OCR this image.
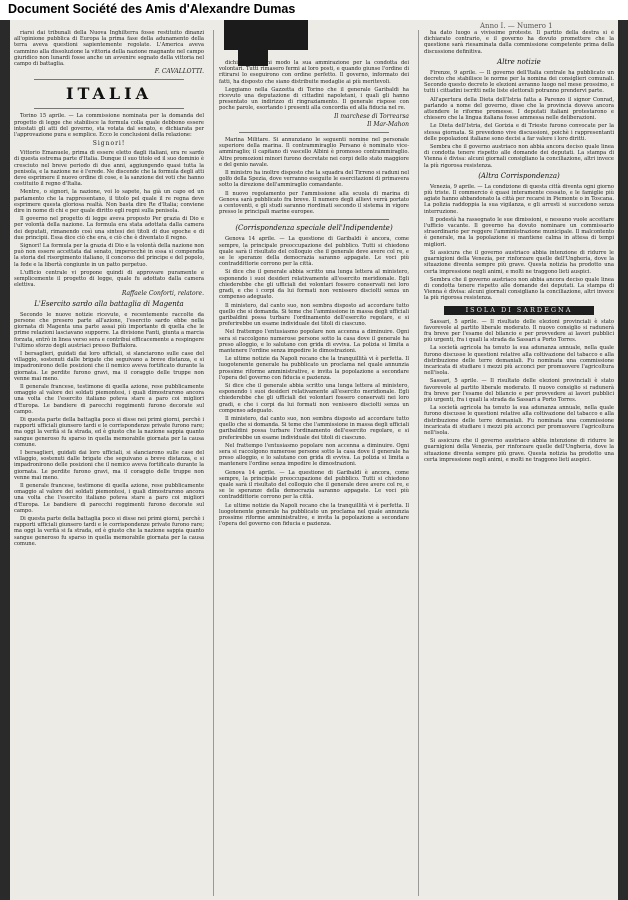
Document Société des Amis d'Alexandre Dumas
Anno I. — Numero 1

riarsi dai tribunali della Nuova Inghilterra fosse restituito dinanzi all'opinione pubblica di Europa la prima fase della adunamento della terra aveva questioni sapientemente regolate. L'America aveva cammino alla dissoluzione la vittoria della nazione magnante nel campo giuridico non lunardi fosse anche un avvenire segnato della vittoria nel campo di battaglia.

F. CAVALLOTTI.
ITALIA

Torino 15 aprile. — La commissione nominata per la domanda del progetto di legge che stabilisce la formula colla quale debbono essere intestati gli atti del governo, sta votata dal senato, e dichiarata per l'approvazione pura e semplice. Ecco le conclusioni della relazione:

Signori!

Vittorio Emanuele, prima di essere eletto dagli italiani, era re sardo di questa estrema parte d'Italia. Dunque il suo titolo ed il suo dominio è cresciuto nel breve periodo di due anni, aggiungendo quasi tutta la penisola, e la nazione ne è l'erede. Ne discende che la formula degli atti deve esprimere il nuovo ordine di cose, e la sanzione dei voti che hanno costituito il regno d'Italia.

Mentre, o signori, la nazione, voi lo sapete, ha già un capo ed un parlamento che la rappresentano, il titolo pel quale il re regna deve esprimere questa gloriosa realtà. Non basta dire Re d'Italia; conviene dire in nome di chi e per quale diritto egli regni sulla penisola.

Il governo nel progetto di legge aveva proposto Per grazia di Dio e per volontà della nazione. La formula era stata adottata dalla camera dei deputati, rimanendo così una sintesi dei titoli di due epoche e di due principii. Essa dice ciò che era, e ciò che è diventato il regno.

Signori! La formula per la grazia di Dio e la volontà della nazione non può non essere accettata dal senato, imperocchè in essa si compendia la storia del risorgimento italiano, il concorso del principe e del popolo, la fede e la libertà congiunte in un patto perpetuo.

L'ufficio centrale vi propone quindi di approvare puramente e semplicemente il progetto di legge, quale fu adottato dalla camera elettiva.

Raffaele Conforti, relatore.
L'Esercito sardo alla battaglia di Magenta

Secondo le nuove notizie ricevute, e recentemente raccolte da persone che presero parte all'azione, l'esercito sardo ebbe nella giornata di Magenta una parte assai più importante di quella che le prime relazioni lasciavano supporre. La divisione Fanti, giunta a marcia forzata, entrò in linea verso sera e contribuì efficacemente a respingere l'ultimo sforzo degli austriaci presso Buffalora.

I bersaglieri, guidati dai loro ufficiali, si slanciarono sulle case del villaggio, sostenuti dalle brigate che seguivano a breve distanza, e si impadronirono delle posizioni che il nemico aveva fortificato durante la giornata. Le perdite furono gravi, ma il coraggio delle truppe non venne mai meno.

Il generale francese, testimone di quella azione, rese pubblicamente omaggio al valore dei soldati piemontesi, i quali dimostrarono ancora una volta che l'esercito italiano poteva stare a paro coi migliori d'Europa. Le bandiere di parecchi reggimenti furono decorate sul campo.

Di questa parte della battaglia poco si disse nei primi giorni, perchè i rapporti ufficiali giunsero tardi e le corrispondenze private furono rare; ma oggi la verità si fa strada, ed è giusto che la nazione sappia quanto sangue generoso fu sparso in quella memorabile giornata per la causa comune.

I bersaglieri, guidati dai loro ufficiali, si slanciarono sulle case del villaggio, sostenuti dalle brigate che seguivano a breve distanza, e si impadronirono delle posizioni che il nemico aveva fortificato durante la giornata. Le perdite furono gravi, ma il coraggio delle truppe non venne mai meno.

Il generale francese, testimone di quella azione, rese pubblicamente omaggio al valore dei soldati piemontesi, i quali dimostrarono ancora una volta che l'esercito italiano poteva stare a paro coi migliori d'Europa. Le bandiere di parecchi reggimenti furono decorate sul campo.

Di questa parte della battaglia poco si disse nei primi giorni, perchè i rapporti ufficiali giunsero tardi e le corrispondenze private furono rare; ma oggi la verità si fa strada, ed è giusto che la nazione sappia quanto sangue generoso fu sparso in quella memorabile giornata per la causa comune.

dichiarò ad ogni modo la sua ammirazione per la condotta dei volontari. Tutti rimasero fermi ai loro posti, e quando giunse l'ordine di ritirarsi lo eseguirono con ordine perfetto. Il governo, informato dei fatti, ha disposto che siano distribuite medaglie ai più meritevoli.

Leggiamo nella Gazzetta di Torino che il generale Garibaldi ha ricevuto una deputazione di cittadini napoletani, i quali gli hanno presentato un indirizzo di ringraziamento. Il generale rispose con poche parole, esortando i presenti alla concordia ed alla fiducia nel re.

Il marchese di Torrearsa
Il Mar-Mahon

Marina Militare. Si annunziano le seguenti nomine nel personale superiore della marina. Il contrammiraglio Persano è nominato vice-ammiraglio; il capitano di vascello Albini è promosso contrammiraglio. Altre promozioni minori furono decretate nei corpi dello stato maggiore e del genio navale.

Il ministro ha inoltre disposto che la squadra del Tirreno si raduni nel golfo della Spezia, dove verranno eseguite le esercitazioni di primavera sotto la direzione dell'ammiraglio comandante.

Il nuovo regolamento per l'ammissione alla scuola di marina di Genova sarà pubblicato fra breve. Il numero degli allievi verrà portato a centoventi, e gli studi saranno riordinati secondo il sistema in vigore presso le principali marine europee.

(Corrispondenza speciale dell'Indipendente)

Genova 14 aprile. — La questione di Garibaldi è ancora, come sempre, la principale preoccupazione del pubblico. Tutti si chiedono quale sarà il risultato del colloquio che il generale deve avere col re, e se le speranze della democrazia saranno appagate. Le voci più contraddittorie corrono per la città.

Si dice che il generale abbia scritto una lunga lettera al ministero, esponendo i suoi desideri relativamente all'esercito meridionale. Egli chiederebbe che gli ufficiali dei volontari fossero conservati nei loro gradi, e che i corpi da lui formati non venissero disciolti senza un compenso adeguato.

Il ministero, dal canto suo, non sembra disposto ad accordare tutto quello che si domanda. Si teme che l'ammissione in massa degli ufficiali garibaldini possa turbare l'ordinamento dell'esercito regolare, e si preferirebbe un esame individuale dei titoli di ciascuno.

Nel frattempo l'entusiasmo popolare non accenna a diminuire. Ogni sera si raccolgono numerose persone sotto la casa dove il generale ha preso alloggio, e lo salutano con grida di evviva. La polizia si limita a mantenere l'ordine senza impedire le dimostrazioni.

Le ultime notizie da Napoli recano che la tranquillità vi è perfetta. Il luogotenente generale ha pubblicato un proclama nel quale annunzia prossime riforme amministrative, e invita la popolazione a secondare l'opera del governo con fiducia e pazienza.

Si dice che il generale abbia scritto una lunga lettera al ministero, esponendo i suoi desideri relativamente all'esercito meridionale. Egli chiederebbe che gli ufficiali dei volontari fossero conservati nei loro gradi, e che i corpi da lui formati non venissero disciolti senza un compenso adeguato.

Il ministero, dal canto suo, non sembra disposto ad accordare tutto quello che si domanda. Si teme che l'ammissione in massa degli ufficiali garibaldini possa turbare l'ordinamento dell'esercito regolare, e si preferirebbe un esame individuale dei titoli di ciascuno.

Nel frattempo l'entusiasmo popolare non accenna a diminuire. Ogni sera si raccolgono numerose persone sotto la casa dove il generale ha preso alloggio, e lo salutano con grida di evviva. La polizia si limita a mantenere l'ordine senza impedire le dimostrazioni.

Genova 14 aprile. — La questione di Garibaldi è ancora, come sempre, la principale preoccupazione del pubblico. Tutti si chiedono quale sarà il risultato del colloquio che il generale deve avere col re, e se le speranze della democrazia saranno appagate. Le voci più contraddittorie corrono per la città.

Le ultime notizie da Napoli recano che la tranquillità vi è perfetta. Il luogotenente generale ha pubblicato un proclama nel quale annunzia prossime riforme amministrative, e invita la popolazione a secondare l'opera del governo con fiducia e pazienza.

ha dato luogo a vivissime proteste. Il partito della destra si è dichiarato contrario, e il governo ha dovuto promettere che la questione sarà riesaminata dalla commissione competente prima della discussione definitiva.

Altre notizie

Firenze, 9 aprile. — Il governo dell'Italia centrale ha pubblicato un decreto che stabilisce le norme per la nomina dei consiglieri comunali. Secondo questo decreto le elezioni avranno luogo nel mese prossimo, e tutti i cittadini iscritti nelle liste elettorali potranno prendervi parte.

All'apertura della Dieta dell'Istria fatta a Parenzo il signor Conrad, parlando a nome del governo, disse che la provincia doveva ancora attendere le riforme promesse. I deputati italiani protestarono e chiesero che la lingua italiana fosse ammessa nelle deliberazioni.

Le Dieta dell'Istria, del Gorizia e di Trieste furono convocate per la stessa giornata. Si prevedono vive discussioni, poichè i rappresentanti delle popolazioni italiane sono decisi a far valere i loro diritti.

Sembra che il governo austriaco non abbia ancora deciso quale linea di condotta tenere rispetto alle domande dei deputati. La stampa di Vienna è divisa: alcuni giornali consigliano la conciliazione, altri invece la più rigorosa resistenza.

(Altra Corrispondenza)

Venezia, 9 aprile. — La condizione di questa città diventa ogni giorno più triste. Il commercio è quasi interamente cessato, e le famiglie più agiate hanno abbandonato la città per recarsi in Piemonte o in Toscana. La polizia raddoppia la sua vigilanza, e gli arresti si succedono senza interruzione.

Il podestà ha rassegnato le sue dimissioni, e nessuno vuole accettare l'ufficio vacante. Il governo ha dovuto nominare un commissario straordinario per reggere l'amministrazione municipale. Il malcontento è generale, ma la popolazione si mantiene calma in attesa di tempi migliori.

Si assicura che il governo austriaco abbia intenzione di ridurre le guarnigioni della Venezia, per rinforzare quelle dell'Ungheria, dove la situazione diventa sempre più grave. Questa notizia ha prodotto una certa impressione negli animi, e molti ne traggono lieti auspici.

Sembra che il governo austriaco non abbia ancora deciso quale linea di condotta tenere rispetto alle domande dei deputati. La stampa di Vienna è divisa: alcuni giornali consigliano la conciliazione, altri invece la più rigorosa resistenza.

ISOLA DI SARDEGNA

Sassari, 5 aprile. — Il risultato delle elezioni provinciali è stato favorevole al partito liberale moderato. Il nuovo consiglio si radunerà fra breve per l'esame del bilancio e per provvedere ai lavori pubblici più urgenti, fra i quali la strada da Sassari a Porto Torres.

La società agricola ha tenuto la sua adunanza annuale, nella quale furono discusse le questioni relative alla coltivazione del tabacco e alla distribuzione delle terre demaniali. Fu nominata una commissione incaricata di studiare i mezzi più acconci per promuovere l'agricoltura nell'isola.

Sassari, 5 aprile. — Il risultato delle elezioni provinciali è stato favorevole al partito liberale moderato. Il nuovo consiglio si radunerà fra breve per l'esame del bilancio e per provvedere ai lavori pubblici più urgenti, fra i quali la strada da Sassari a Porto Torres.

La società agricola ha tenuto la sua adunanza annuale, nella quale furono discusse le questioni relative alla coltivazione del tabacco e alla distribuzione delle terre demaniali. Fu nominata una commissione incaricata di studiare i mezzi più acconci per promuovere l'agricoltura nell'isola.

Si assicura che il governo austriaco abbia intenzione di ridurre le guarnigioni della Venezia, per rinforzare quelle dell'Ungheria, dove la situazione diventa sempre più grave. Questa notizia ha prodotto una certa impressione negli animi, e molti ne traggono lieti auspici.
